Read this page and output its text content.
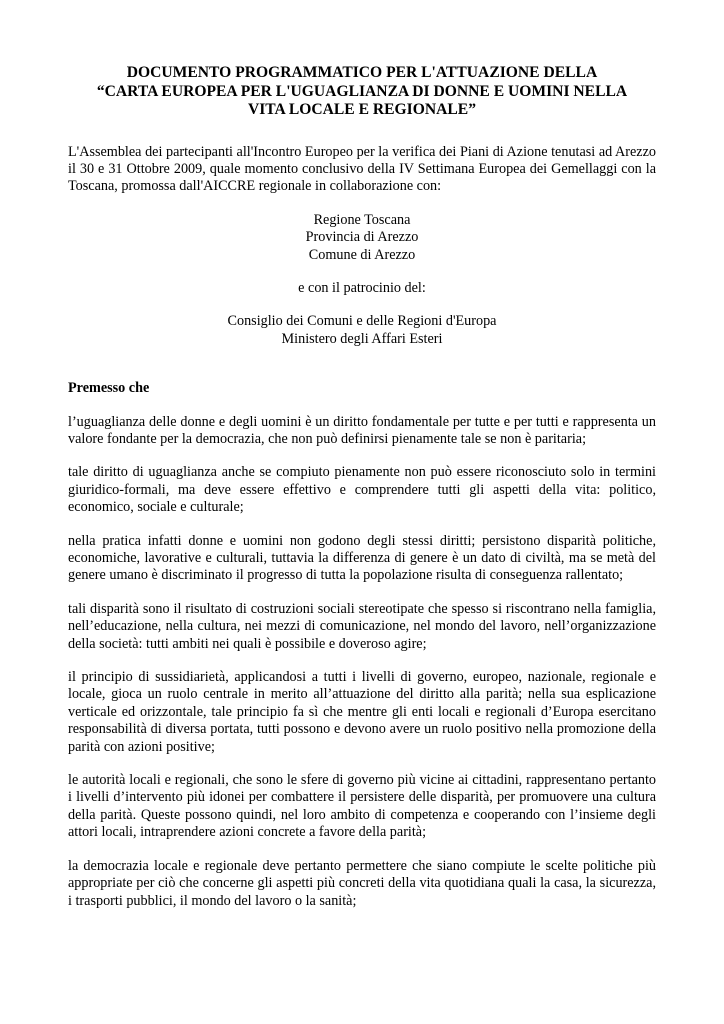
DOCUMENTO PROGRAMMATICO PER L'ATTUAZIONE DELLA
“CARTA EUROPEA PER L'UGUAGLIANZA DI DONNE E UOMINI NELLA
VITA LOCALE E REGIONALE”

L'Assemblea dei partecipanti all'Incontro Europeo per la verifica dei Piani di Azione tenutasi ad Arezzo il 30 e 31 Ottobre 2009, quale momento conclusivo della IV Settimana Europea dei Gemellaggi con la Toscana, promossa dall'AICCRE regionale in collaborazione con:

Regione Toscana
Provincia di Arezzo
Comune di Arezzo
e con il patrocinio del:
Consiglio dei Comuni e delle Regioni d'Europa
Ministero degli Affari Esteri

Premesso che

l’uguaglianza delle donne e degli uomini è un diritto fondamentale per tutte e per tutti e rappresenta un valore fondante per la democrazia, che non può definirsi pienamente tale se non è paritaria;

tale diritto di uguaglianza anche se compiuto pienamente non può essere riconosciuto solo in termini giuridico-formali, ma deve essere effettivo e comprendere tutti gli aspetti della vita: politico, economico, sociale e culturale;

nella pratica infatti donne e uomini non godono degli stessi diritti; persistono disparità politiche, economiche, lavorative e culturali, tuttavia la differenza di genere è un dato di civiltà, ma se metà del genere umano è discriminato il progresso di tutta la popolazione risulta di conseguenza rallentato;

tali disparità sono il risultato di costruzioni sociali stereotipate che spesso si riscontrano nella famiglia, nell’educazione, nella cultura, nei mezzi di comunicazione, nel mondo del lavoro, nell’organizzazione della società: tutti ambiti nei quali è possibile e doveroso agire;

il principio di sussidiarietà, applicandosi a tutti i livelli di governo, europeo, nazionale, regionale e locale, gioca un ruolo centrale in merito all’attuazione del diritto alla parità; nella sua esplicazione verticale ed orizzontale, tale principio fa sì che mentre gli enti locali e regionali d’Europa esercitano responsabilità di diversa portata, tutti possono e devono avere un ruolo positivo nella promozione della parità con azioni positive;

le autorità locali e regionali, che sono le sfere di governo più vicine ai cittadini, rappresentano pertanto i livelli d’intervento più idonei per combattere il persistere delle disparità, per promuovere una cultura della parità. Queste possono quindi, nel loro ambito di competenza e cooperando con l’insieme degli attori locali, intraprendere azioni concrete a favore della parità;

la democrazia locale e regionale deve pertanto permettere che siano compiute le scelte politiche più appropriate per ciò che concerne gli aspetti più concreti della vita quotidiana quali la casa, la sicurezza, i trasporti pubblici, il mondo del lavoro o la sanità;
